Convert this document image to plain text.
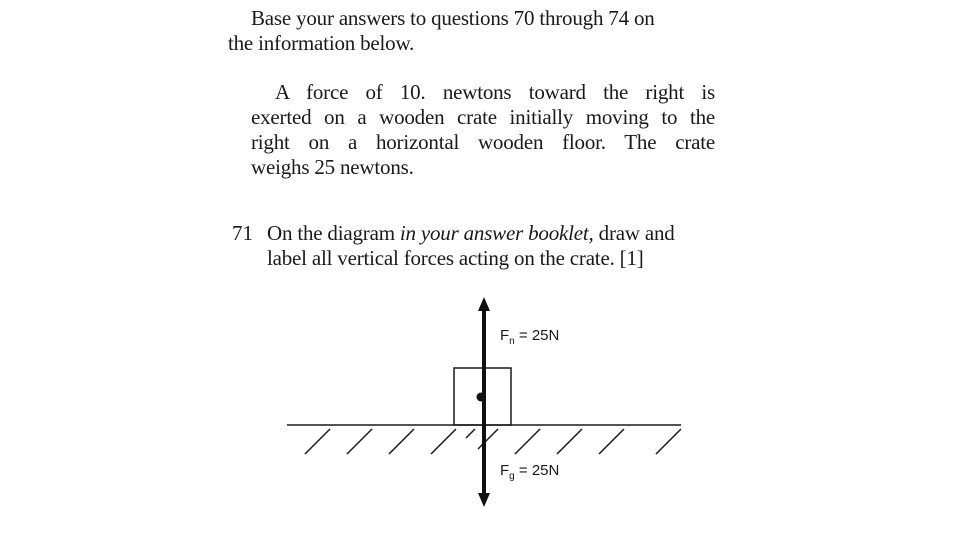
Base your answers to questions 70 through 74 on
the information below.
A force of 10. newtons toward the right is
exerted on a wooden crate initially moving to the
right on a horizontal wooden floor. The crate
weighs 25 newtons.
71 On the diagram in your answer booklet, draw and
label all vertical forces acting on the crate. [1]
$F_n = 25N$
$F_g = 25N$
